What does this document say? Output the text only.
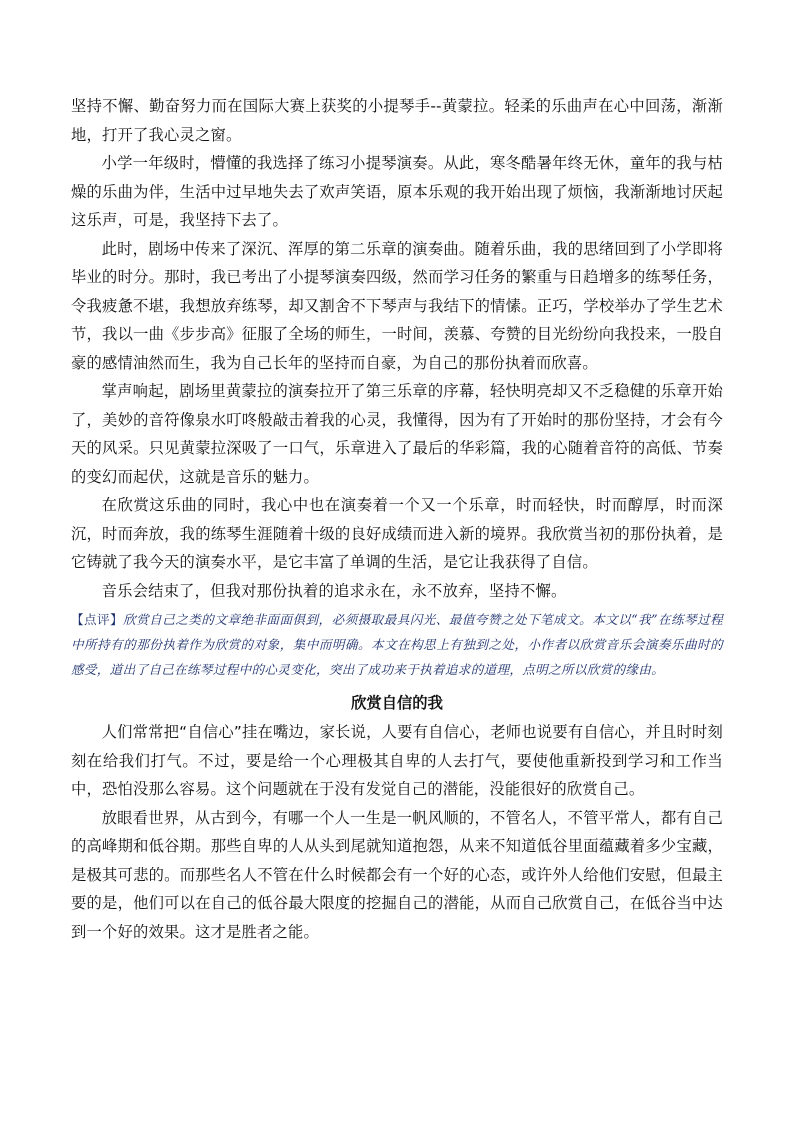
坚持不懈、勤奋努力而在国际大赛上获奖的小提琴手--黄蒙拉。轻柔的乐曲声在心中回荡，渐渐地，打开了我心灵之窗。

小学一年级时，懵懂的我选择了练习小提琴演奏。从此，寒冬酷暑年终无休，童年的我与枯燥的乐曲为伴，生活中过早地失去了欢声笑语，原本乐观的我开始出现了烦恼，我渐渐地讨厌起这乐声，可是，我坚持下去了。

此时，剧场中传来了深沉、浑厚的第二乐章的演奏曲。随着乐曲，我的思绪回到了小学即将毕业的时分。那时，我已考出了小提琴演奏四级，然而学习任务的繁重与日趋增多的练琴任务，令我疲惫不堪，我想放弃练琴，却又割舍不下琴声与我结下的情愫。正巧，学校举办了学生艺术节，我以一曲《步步高》征服了全场的师生，一时间，羡慕、夸赞的目光纷纷向我投来，一股自豪的感情油然而生，我为自己长年的坚持而自豪，为自己的那份执着而欣喜。

掌声响起，剧场里黄蒙拉的演奏拉开了第三乐章的序幕，轻快明亮却又不乏稳健的乐章开始了，美妙的音符像泉水叮咚般敲击着我的心灵，我懂得，因为有了开始时的那份坚持，才会有今天的风采。只见黄蒙拉深吸了一口气，乐章进入了最后的华彩篇，我的心随着音符的高低、节奏的变幻而起伏，这就是音乐的魅力。

在欣赏这乐曲的同时，我心中也在演奏着一个又一个乐章，时而轻快，时而醇厚，时而深沉，时而奔放，我的练琴生涯随着十级的良好成绩而进入新的境界。我欣赏当初的那份执着，是它铸就了我今天的演奏水平，是它丰富了单调的生活，是它让我获得了自信。

音乐会结束了，但我对那份执着的追求永在，永不放弃，坚持不懈。

【点评】欣赏自己之类的文章绝非面面俱到，必须摄取最具闪光、最值夸赞之处下笔成文。本文以“我”在练琴过程中所持有的那份执着作为欣赏的对象，集中而明确。本文在构思上有独到之处，小作者以欣赏音乐会演奏乐曲时的感受，道出了自己在练琴过程中的心灵变化，突出了成功来于执着追求的道理，点明之所以欣赏的缘由。

欣赏自信的我

人们常常把“自信心”挂在嘴边，家长说，人要有自信心，老师也说要有自信心，并且时时刻刻在给我们打气。不过，要是给一个心理极其自卑的人去打气，要使他重新投到学习和工作当中，恐怕没那么容易。这个问题就在于没有发觉自己的潜能，没能很好的欣赏自己。

放眼看世界，从古到今，有哪一个人一生是一帆风顺的，不管名人，不管平常人，都有自己的高峰期和低谷期。那些自卑的人从头到尾就知道抱怨，从来不知道低谷里面蕴藏着多少宝藏，是极其可悲的。而那些名人不管在什么时候都会有一个好的心态，或许外人给他们安慰，但最主要的是，他们可以在自己的低谷最大限度的挖掘自己的潜能，从而自己欣赏自己，在低谷当中达到一个好的效果。这才是胜者之能。
